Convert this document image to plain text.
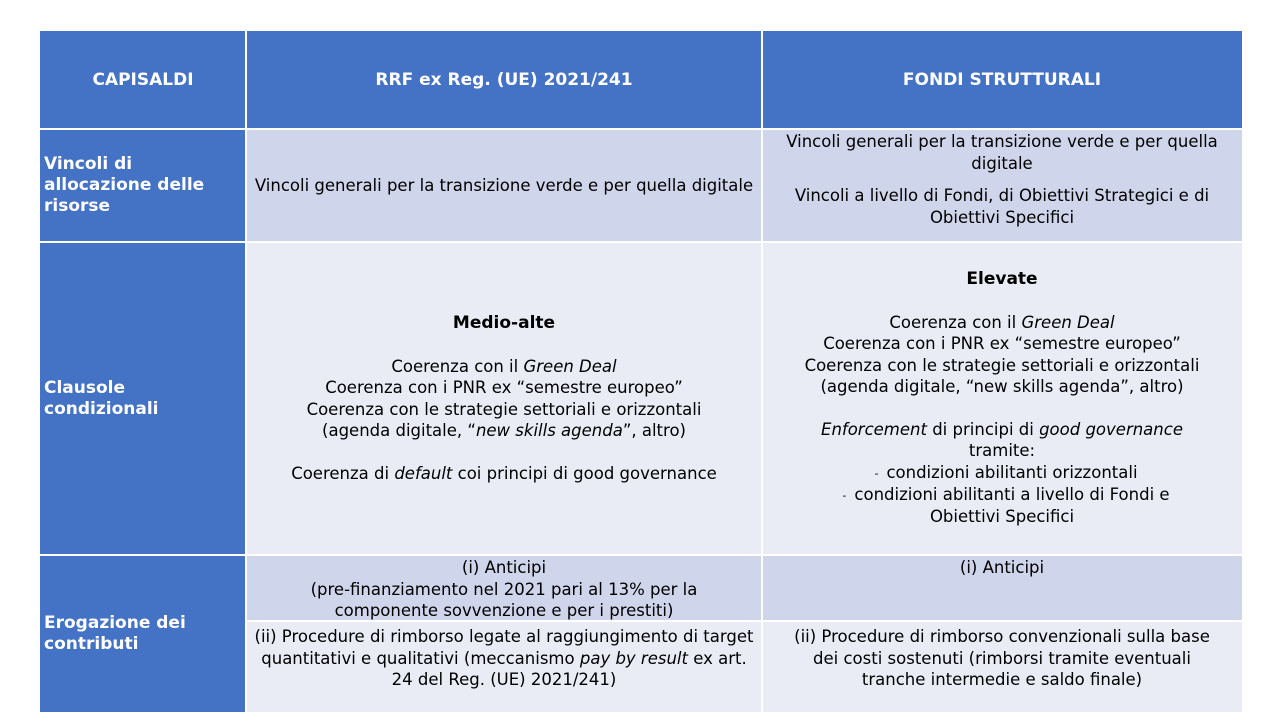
CAPISALDI	RRF ex Reg. (UE) 2021/241	FONDI STRUTTURALI
Vincoli di allocazione delle risorse
Vincoli generali per la transizione verde e per quella digitale
Vincoli generali per la transizione verde e per quella digitale
Vincoli a livello di Fondi, di Obiettivi Strategici e di Obiettivi Specifici
Clausole condizionali
Medio-alte
Coerenza con il Green Deal
Coerenza con i PNR ex “semestre europeo”
Coerenza con le strategie settoriali e orizzontali
(agenda digitale, “new skills agenda”, altro)
Coerenza di default coi principi di good governance
Elevate
Coerenza con il Green Deal
Coerenza con i PNR ex “semestre europeo”
Coerenza con le strategie settoriali e orizzontali
(agenda digitale, “new skills agenda”, altro)
Enforcement di principi di good governance
tramite:
- condizioni abilitanti orizzontali
- condizioni abilitanti a livello di Fondi e
Obiettivi Specifici
Erogazione dei contributi
(i) Anticipi
(pre-finanziamento nel 2021 pari al 13% per la componente sovvenzione e per i prestiti)
(i) Anticipi
(ii) Procedure di rimborso legate al raggiungimento di target quantitativi e qualitativi (meccanismo pay by result ex art. 24 del Reg. (UE) 2021/241)
(ii) Procedure di rimborso convenzionali sulla base dei costi sostenuti (rimborsi tramite eventuali tranche intermedie e saldo finale)
